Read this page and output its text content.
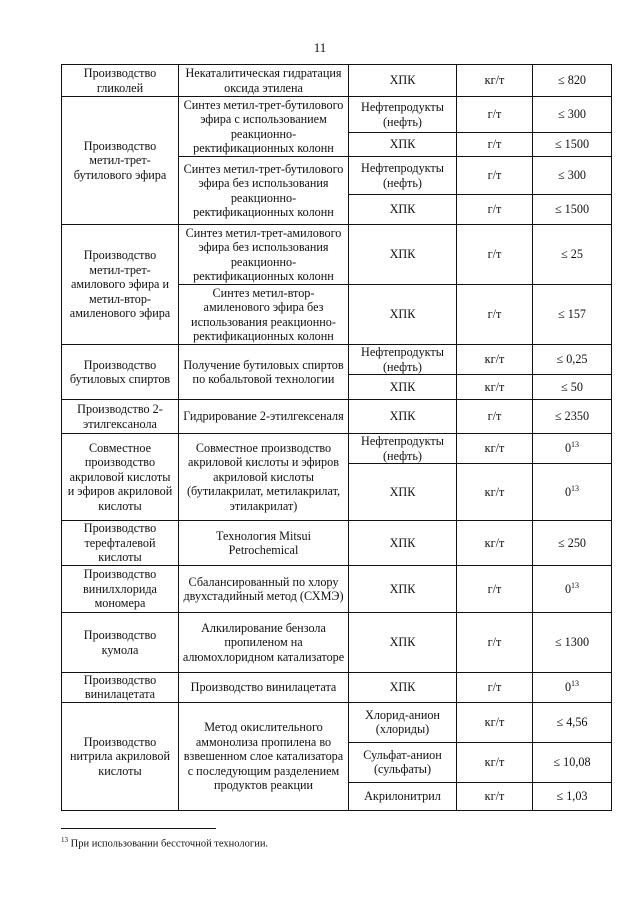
11
Производство гликолей	Некаталитическая гидратация оксида этилена	ХПК	кг/т	≤ 820
Производство метил-трет-бутилового эфира	Синтез метил-трет-бутилового эфира с использованием реакционно-ректификационных колонн	Нефтепродукты (нефть)	г/т	≤ 300
		ХПК	г/т	≤ 1500
	Синтез метил-трет-бутилового эфира без использования реакционно-ректификационных колонн	Нефтепродукты (нефть)	г/т	≤ 300
		ХПК	г/т	≤ 1500
Производство метил-трет-амилового эфира и метил-втор-амиленового эфира	Синтез метил-трет-амилового эфира без использования реакционно-ректификационных колонн	ХПК	г/т	≤ 25
	Синтез метил-втор-амиленового эфира без использования реакционно-ректификационных колонн	ХПК	г/т	≤ 157
Производство бутиловых спиртов	Получение бутиловых спиртов по кобальтовой технологии	Нефтепродукты (нефть)	кг/т	≤ 0,25
		ХПК	кг/т	≤ 50
Производство 2-этилгексанола	Гидрирование 2-этилгексеналя	ХПК	г/т	≤ 2350
Совместное производство акриловой кислоты и эфиров акриловой кислоты	Совместное производство акриловой кислоты и эфиров акриловой кислоты (бутилакрилат, метилакрилат, этилакрилат)	Нефтепродукты (нефть)	кг/т	$0^{13}$
		ХПК	кг/т	$0^{13}$
Производство терефталевой кислоты	Технология Mitsui Petrochemical	ХПК	кг/т	≤ 250
Производство винилхлорида мономера	Сбалансированный по хлору двухстадийный метод (СХМЭ)	ХПК	г/т	$0^{13}$
Производство кумола	Алкилирование бензола пропиленом на алюмохлоридном катализаторе	ХПК	г/т	≤ 1300
Производство винилацетата	Производство винилацетата	ХПК	г/т	$0^{13}$
Производство нитрила акриловой кислоты	Метод окислительного аммонолиза пропилена во взвешенном слое катализатора с последующим разделением продуктов реакции	Хлорид-анион (хлориды)	кг/т	≤ 4,56
		Сульфат-анион (сульфаты)	кг/т	≤ 10,08
		Акрилонитрил	кг/т	≤ 1,03
$^{13}$ При использовании бессточной технологии.
